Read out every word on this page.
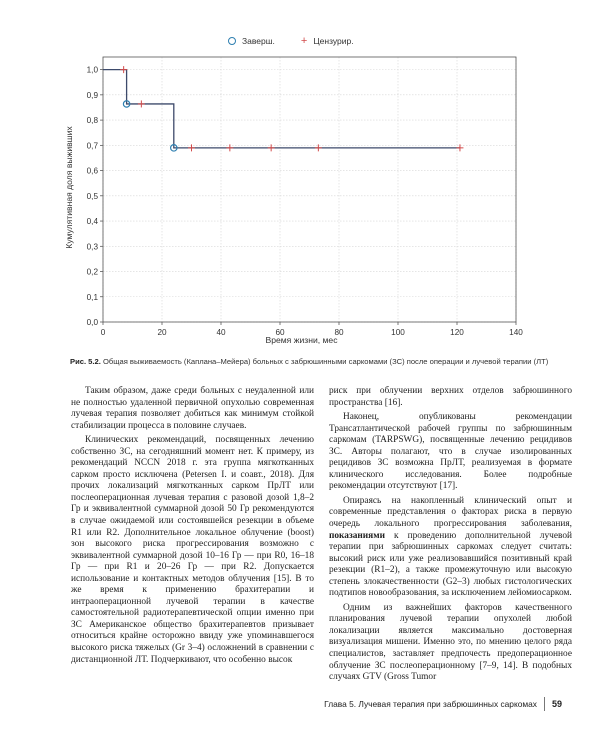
Заверш. + Цензурир.
0,0
0,1
0,2
0,3
0,4
0,5
0,6
0,7
0,8
0,9
1,0
0	20	40	60	80	100	120	140
Время жизни, мес
Кумулятивная доля выживших
Рис. 5.2. Общая выживаемость (Каплана–Мейера) больных с забрюшинными саркомами (ЗС) после операции и лучевой терапии (ЛТ)

Таким образом, даже среди больных с неудаленной или не полностью удаленной первичной опухолью современная лучевая терапия позволяет добиться как минимум стойкой стабилизации процесса в половине случаев.

Клинических рекомендаций, посвященных лечению собственно ЗС, на сегодняшний момент нет. К примеру, из рекомендаций NCCN 2018 г. эта группа мягкотканных сарком просто исключена (Petersen I. и соавт., 2018). Для прочих локализаций мягкотканных сарком ПрЛТ или послеоперационная лучевая терапия с разовой дозой 1,8–2 Гр и эквивалентной суммарной дозой 50 Гр рекомендуются в случае ожидаемой или состоявшейся резекции в объеме R1 или R2. Дополнительное локальное облучение (boost) зон высокого риска прогрессирования возможно с эквивалентной суммарной дозой 10–16 Гр — при R0, 16–18 Гр — при R1 и 20–26 Гр — при R2. Допускается использование и контактных методов облучения [15]. В то же время к применению брахитерапии и интраоперационной лучевой терапии в качестве самостоятельной радиотерапевтической опции именно при ЗС Американское общество брахитерапевтов призывает относиться крайне осторожно ввиду уже упоминавшегося высокого риска тяжелых (Gr 3–4) осложнений в сравнении с дистанционной ЛТ. Подчеркивают, что особенно высок

риск при облучении верхних отделов забрюшинного пространства [16].

Наконец, опубликованы рекомендации Трансатлантической рабочей группы по забрюшинным саркомам (TARPSWG), посвященные лечению рецидивов ЗС. Авторы полагают, что в случае изолированных рецидивов ЗС возможна ПрЛТ, реализуемая в формате клинического исследования. Более подробные рекомендации отсутствуют [17].

Опираясь на накопленный клинический опыт и современные представления о факторах риска в первую очередь локального прогрессирования заболевания, показаниями к проведению дополнительной лучевой терапии при забрюшинных саркомах следует считать: высокий риск или уже реализовавшийся позитивный край резекции (R1–2), а также промежуточную или высокую степень злокачественности (G2–3) любых гистологических подтипов новообразования, за исключением лейомиосарком.

Одним из важнейших факторов качественного планирования лучевой терапии опухолей любой локализации является максимально достоверная визуализация мишени. Именно это, по мнению целого ряда специалистов, заставляет предпочесть предоперационное облучение ЗС послеоперационному [7–9, 14]. В подобных случаях GTV (Gross Tumor

Глава 5. Лучевая терапия при забрюшинных саркомах 59
